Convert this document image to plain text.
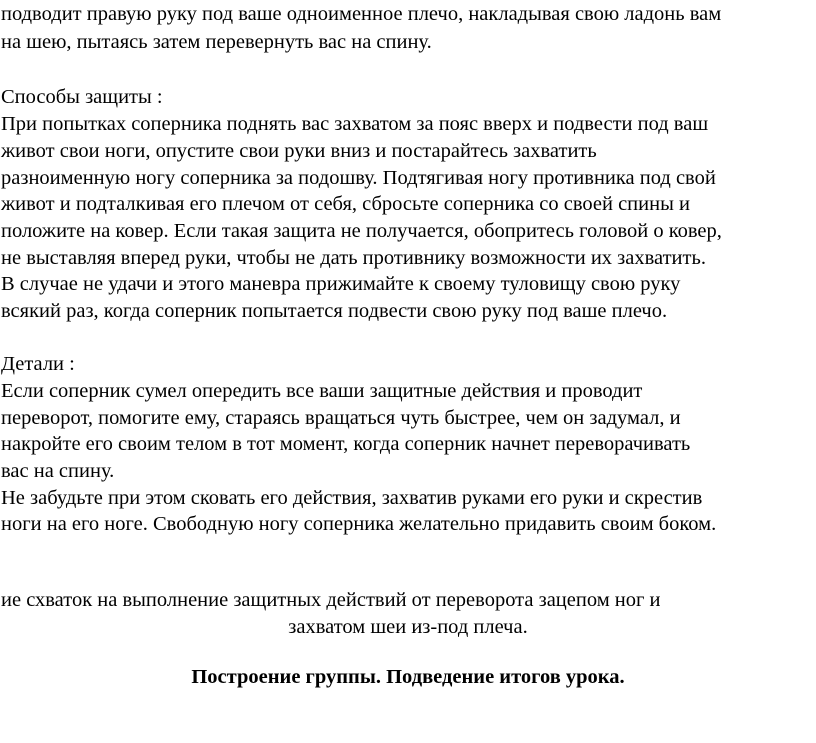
подводит правую руку под ваше одноименное плечо, накладывая свою ладонь вам
на шею, пытаясь затем перевернуть вас на спину.
Способы защиты :
При попытках соперника поднять вас захватом за пояс вверх и подвести под ваш
живот свои ноги, опустите свои руки вниз и постарайтесь захватить
разноименную ногу соперника за подошву. Подтягивая ногу противника под свой
живот и подталкивая его плечом от себя, сбросьте соперника со своей спины и
положите на ковер. Если такая защита не получается, обопритесь головой о ковер,
не выставляя вперед руки, чтобы не дать противнику возможности их захватить.
В случае не удачи и этого маневра прижимайте к своему туловищу свою руку
всякий раз, когда соперник попытается подвести свою руку под ваше плечо.
Детали :
Если соперник сумел опередить все ваши защитные действия и проводит
переворот, помогите ему, стараясь вращаться чуть быстрее, чем он задумал, и
накройте его своим телом в тот момент, когда соперник начнет переворачивать
вас на спину.
Не забудьте при этом сковать его действия, захватив руками его руки и скрестив
ноги на его ноге. Свободную ногу соперника желательно придавить своим боком.
ие схваток на выполнение защитных действий от переворота зацепом ног и
захватом шеи из-под плеча.
Построение группы. Подведение итогов урока.
